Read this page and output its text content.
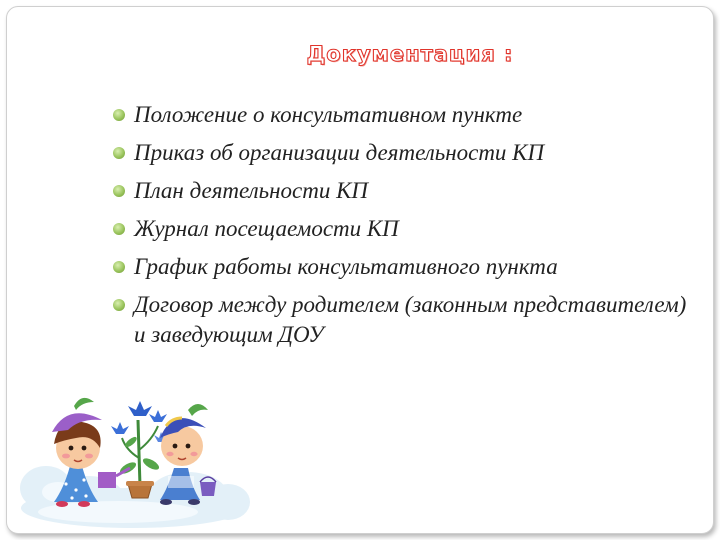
Документация :
Положение о консультативном пункте
Приказ об организации деятельности КП
План деятельности КП
Журнал посещаемости КП
График работы консультативного пункта
Договор между родителем (законным представителем) и заведующим ДОУ
